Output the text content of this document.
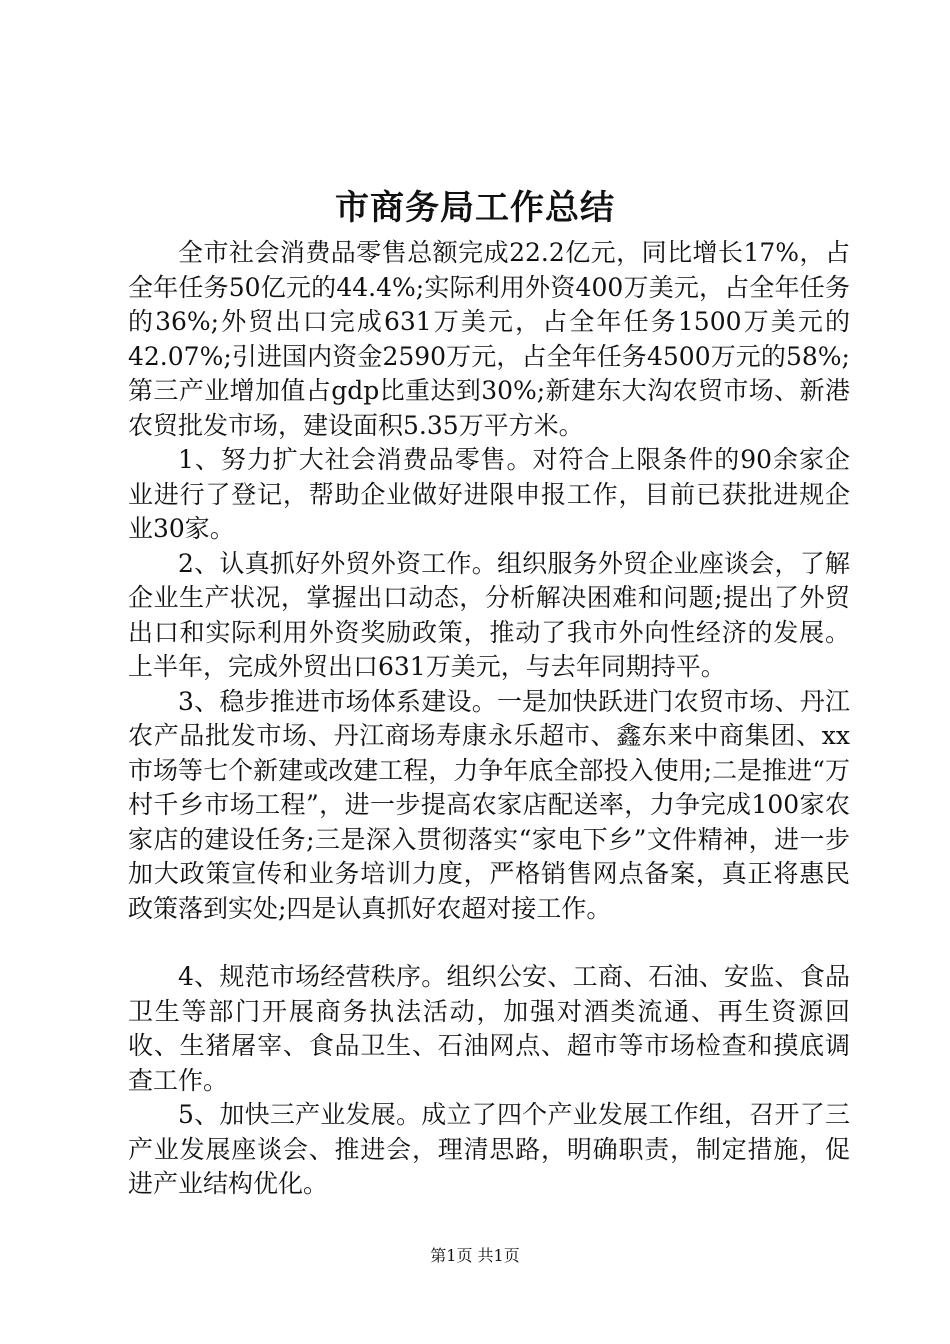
市商务局工作总结

全市社会消费品零售总额完成22.2亿元，同比增长17%，占全年任务50亿元的44.4%;实际利用外资400万美元，占全年任务的36%;外贸出口完成631万美元，占全年任务1500万美元的42.07%;引进国内资金2590万元，占全年任务4500万元的58%;第三产业增加值占gdp比重达到30%;新建东大沟农贸市场、新港农贸批发市场，建设面积5.35万平方米。

1、努力扩大社会消费品零售。对符合上限条件的90余家企业进行了登记，帮助企业做好进限申报工作，目前已获批进规企业30家。

2、认真抓好外贸外资工作。组织服务外贸企业座谈会，了解企业生产状况，掌握出口动态，分析解决困难和问题;提出了外贸出口和实际利用外资奖励政策，推动了我市外向性经济的发展。上半年，完成外贸出口631万美元，与去年同期持平。

3、稳步推进市场体系建设。一是加快跃进门农贸市场、丹江农产品批发市场、丹江商场寿康永乐超市、鑫东来中商集团、xx市场等七个新建或改建工程，力争年底全部投入使用;二是推进“万村千乡市场工程”，进一步提高农家店配送率，力争完成100家农家店的建设任务;三是深入贯彻落实“家电下乡”文件精神，进一步加大政策宣传和业务培训力度，严格销售网点备案，真正将惠民政策落到实处;四是认真抓好农超对接工作。

4、规范市场经营秩序。组织公安、工商、石油、安监、食品卫生等部门开展商务执法活动，加强对酒类流通、再生资源回收、生猪屠宰、食品卫生、石油网点、超市等市场检查和摸底调查工作。

5、加快三产业发展。成立了四个产业发展工作组，召开了三产业发展座谈会、推进会，理清思路，明确职责，制定措施，促进产业结构优化。

第1页 共1页
